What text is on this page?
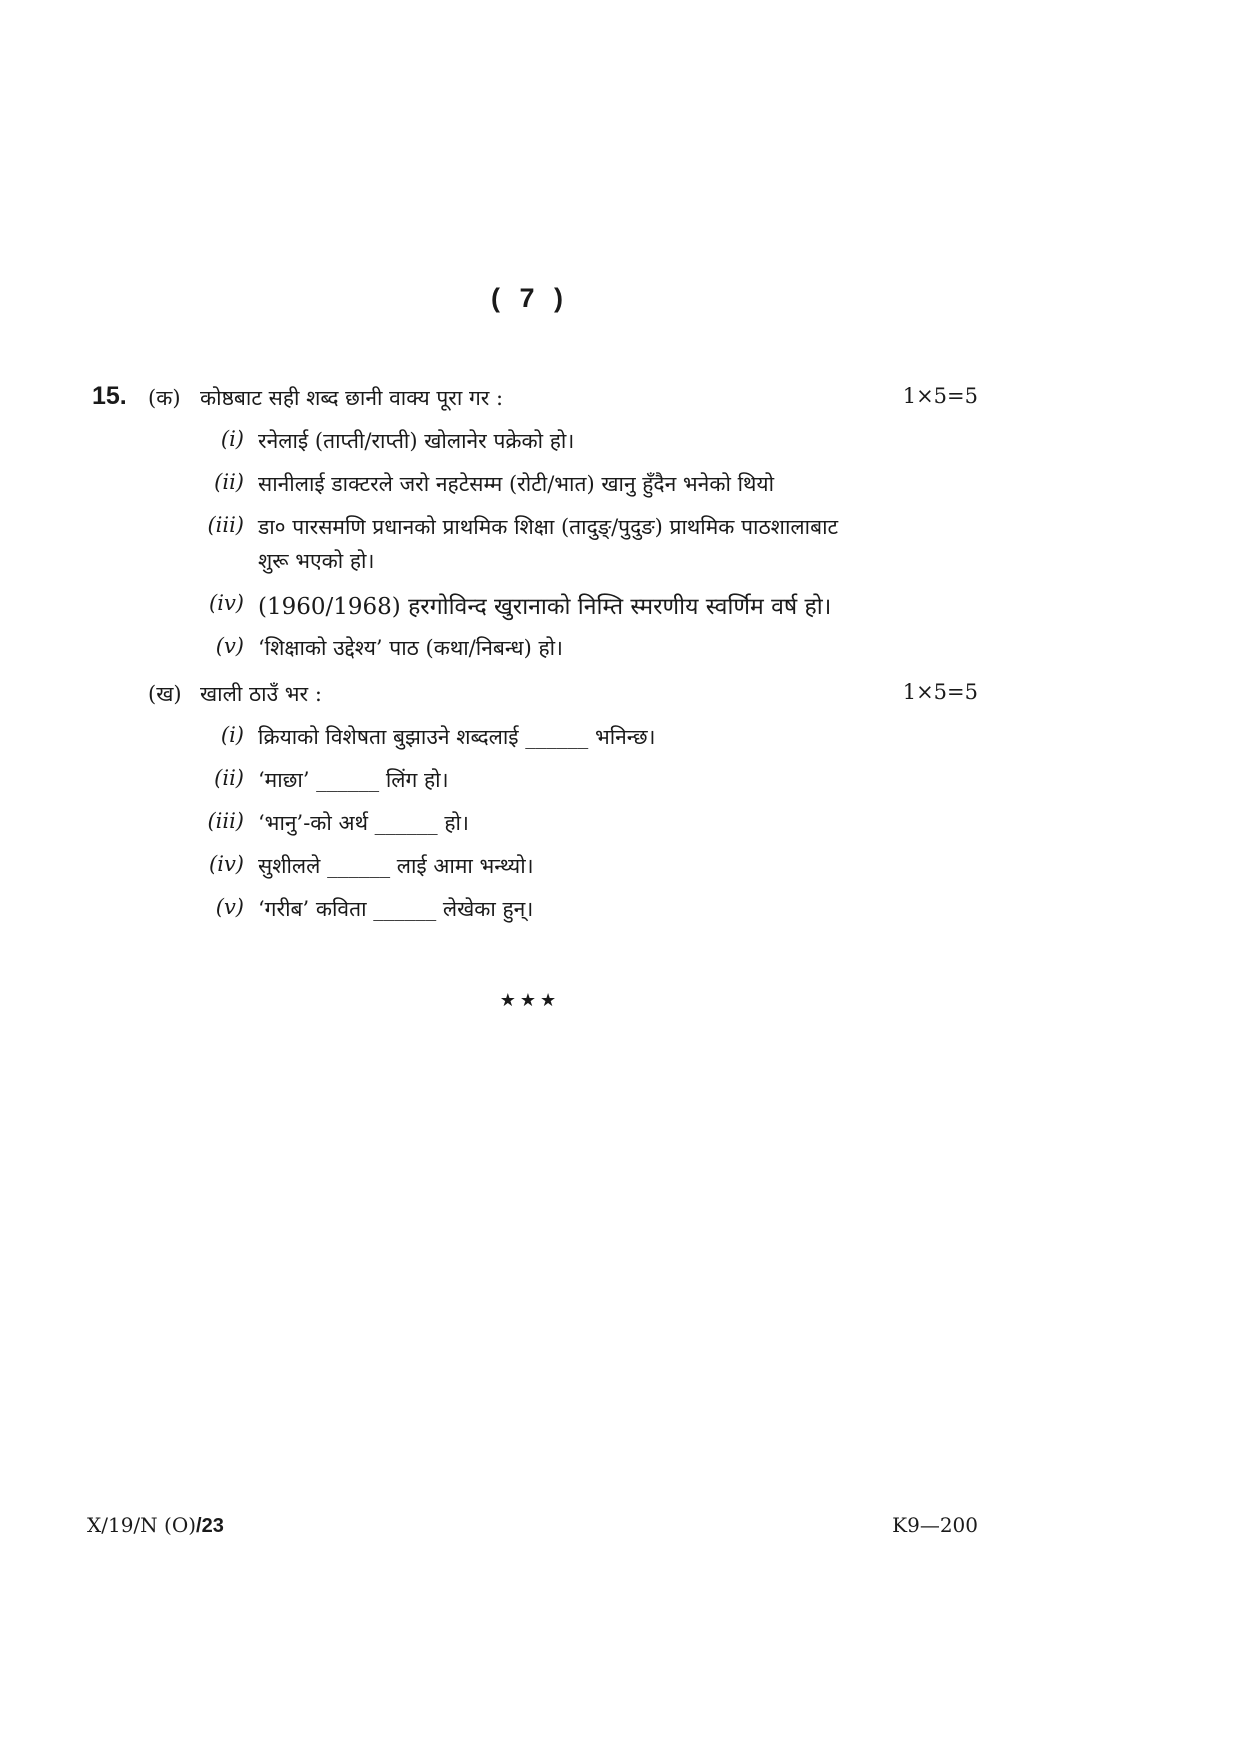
( 7 )
15. (क) कोष्ठबाट सही शब्द छानी वाक्य पूरा गर :	1×5=5
(i) रनेलाई (ताप्ती/राप्ती) खोलानेर पक्रेको हो।
(ii) सानीलाई डाक्टरले जरो नहटेसम्म (रोटी/भात) खानु हुँदैन भनेको थियो
(iii) डा० पारसमणि प्रधानको प्राथमिक शिक्षा (तादुङ्/पुदुङ) प्राथमिक पाठशालाबाट
शुरू भएको हो।
(iv) (1960/1968) हरगोविन्द खुरानाको निम्ति स्मरणीय स्वर्णिम वर्ष हो।
(v) ‘शिक्षाको उद्देश्य’ पाठ (कथा/निबन्ध) हो।
(ख) खाली ठाउँ भर :	1×5=5
(i) क्रियाको विशेषता बुझाउने शब्दलाई ______ भनिन्छ।
(ii) ‘माछा’ ______ लिंग हो।
(iii) ‘भानु’-को अर्थ ______ हो।
(iv) सुशीलले ______ लाई आमा भन्थ्यो।
(v) ‘गरीब’ कविता ______ लेखेका हुन्।
★★★
X/19/N (O)/23	K9—200
